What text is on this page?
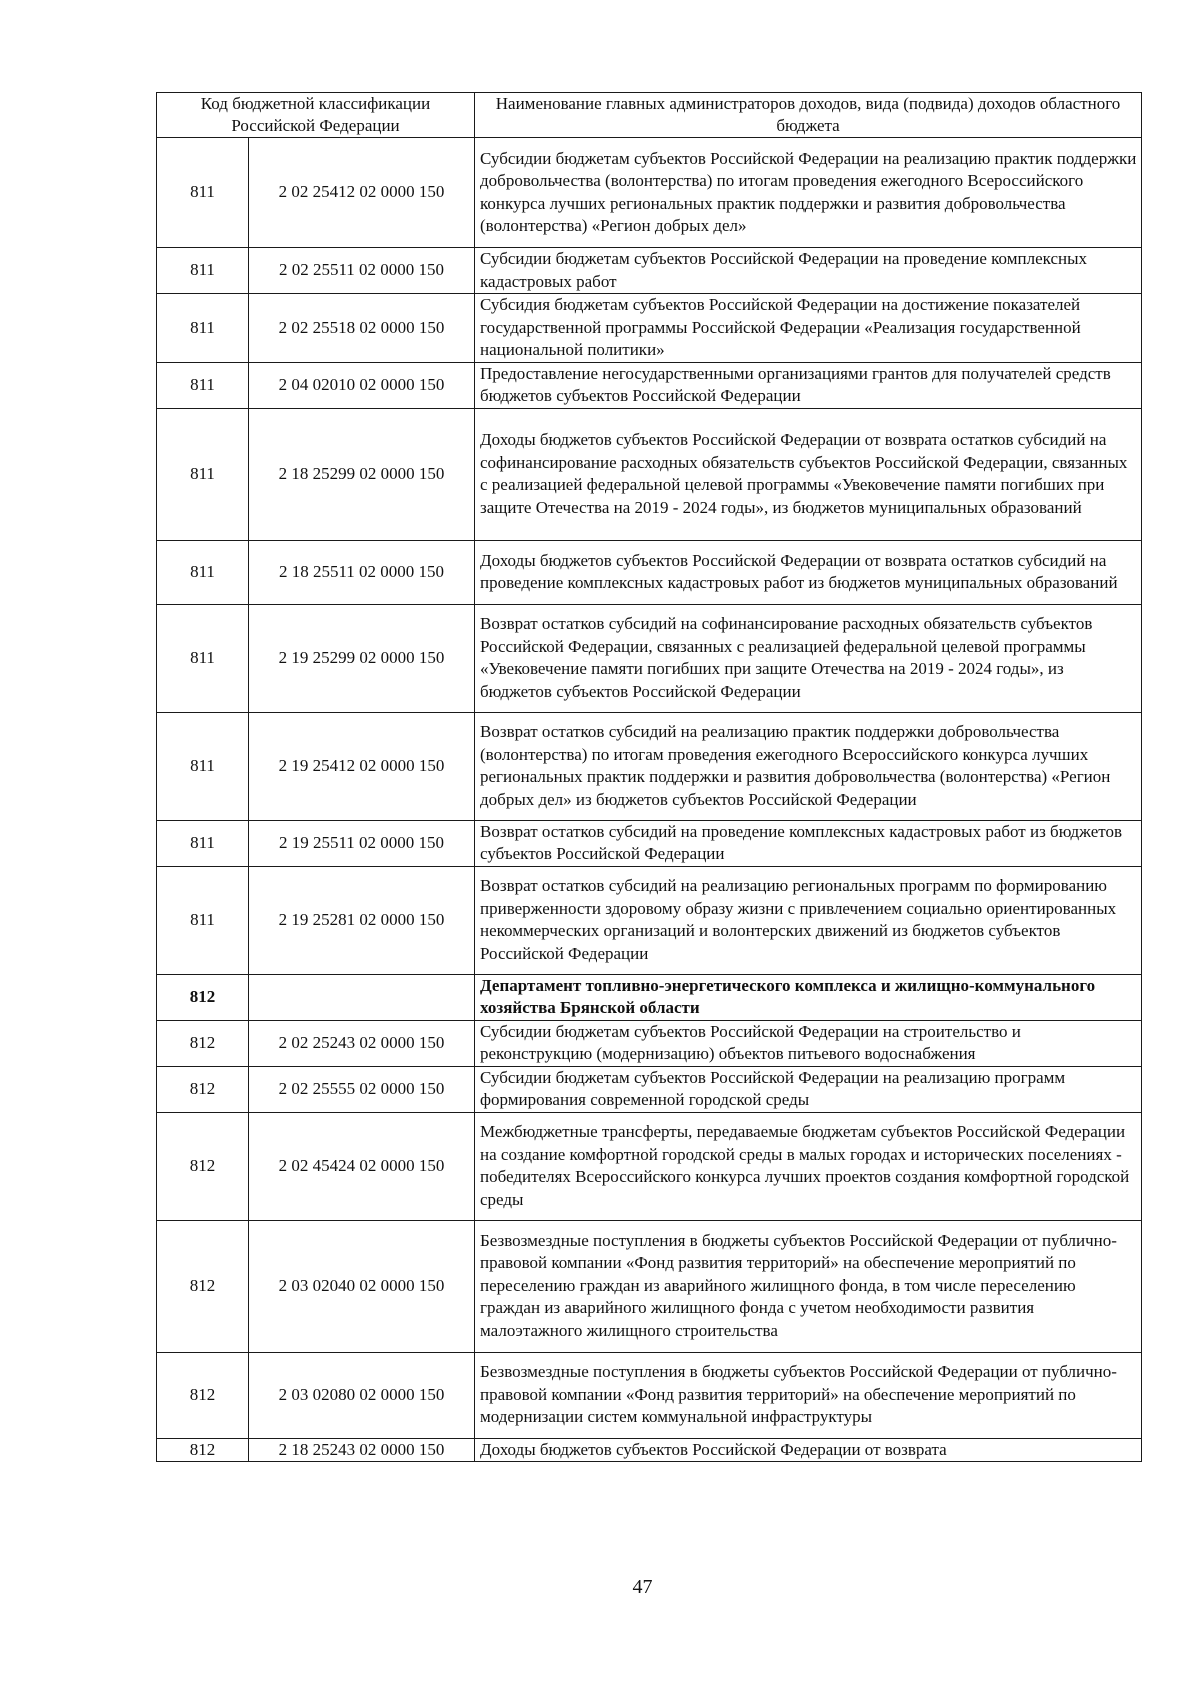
Код бюджетной классификации Российской Федерации		Наименование главных администраторов доходов, вида (подвида) доходов областного бюджета
811	2 02 25412 02 0000 150	Субсидии бюджетам субъектов Российской Федерации на реализацию практик поддержки добровольчества (волонтерства) по итогам проведения ежегодного Всероссийского конкурса лучших региональных практик поддержки и развития добровольчества (волонтерства) «Регион добрых дел»
811	2 02 25511 02 0000 150	Субсидии бюджетам субъектов Российской Федерации на проведение комплексных кадастровых работ
811	2 02 25518 02 0000 150	Субсидия бюджетам субъектов Российской Федерации на достижение показателей государственной программы Российской Федерации «Реализация государственной национальной политики»
811	2 04 02010 02 0000 150	Предоставление негосударственными организациями грантов для получателей средств бюджетов субъектов Российской Федерации
811	2 18 25299 02 0000 150	Доходы бюджетов субъектов Российской Федерации от возврата остатков субсидий на софинансирование расходных обязательств субъектов Российской Федерации, связанных с реализацией федеральной целевой программы «Увековечение памяти погибших при защите Отечества на 2019 - 2024 годы», из бюджетов муниципальных образований
811	2 18 25511 02 0000 150	Доходы бюджетов субъектов Российской Федерации от возврата остатков субсидий на проведение комплексных кадастровых работ из бюджетов муниципальных образований
811	2 19 25299 02 0000 150	Возврат остатков субсидий на софинансирование расходных обязательств субъектов Российской Федерации, связанных с реализацией федеральной целевой программы «Увековечение памяти погибших при защите Отечества на 2019 - 2024 годы», из бюджетов субъектов Российской Федерации
811	2 19 25412 02 0000 150	Возврат остатков субсидий на реализацию практик поддержки добровольчества (волонтерства) по итогам проведения ежегодного Всероссийского конкурса лучших региональных практик поддержки и развития добровольчества (волонтерства) «Регион добрых дел» из бюджетов субъектов Российской Федерации
811	2 19 25511 02 0000 150	Возврат остатков субсидий на проведение комплексных кадастровых работ из бюджетов субъектов Российской Федерации
811	2 19 25281 02 0000 150	Возврат остатков субсидий на реализацию региональных программ по формированию приверженности здоровому образу жизни с привлечением социально ориентированных некоммерческих организаций и волонтерских движений из бюджетов субъектов Российской Федерации
812		Департамент топливно-энергетического комплекса и жилищно-коммунального хозяйства Брянской области
812	2 02 25243 02 0000 150	Субсидии бюджетам субъектов Российской Федерации на строительство и реконструкцию (модернизацию) объектов питьевого водоснабжения
812	2 02 25555 02 0000 150	Субсидии бюджетам субъектов Российской Федерации на реализацию программ формирования современной городской среды
812	2 02 45424 02 0000 150	Межбюджетные трансферты, передаваемые бюджетам субъектов Российской Федерации на создание комфортной городской среды в малых городах и исторических поселениях - победителях Всероссийского конкурса лучших проектов создания комфортной городской среды
812	2 03 02040 02 0000 150	Безвозмездные поступления в бюджеты субъектов Российской Федерации от публично-правовой компании «Фонд развития территорий» на обеспечение мероприятий по переселению граждан из аварийного жилищного фонда, в том числе переселению граждан из аварийного жилищного фонда с учетом необходимости развития малоэтажного жилищного строительства
812	2 03 02080 02 0000 150	Безвозмездные поступления в бюджеты субъектов Российской Федерации от публично-правовой компании «Фонд развития территорий» на обеспечение мероприятий по модернизации систем коммунальной инфраструктуры
812	2 18 25243 02 0000 150	Доходы бюджетов субъектов Российской Федерации от возврата
47
